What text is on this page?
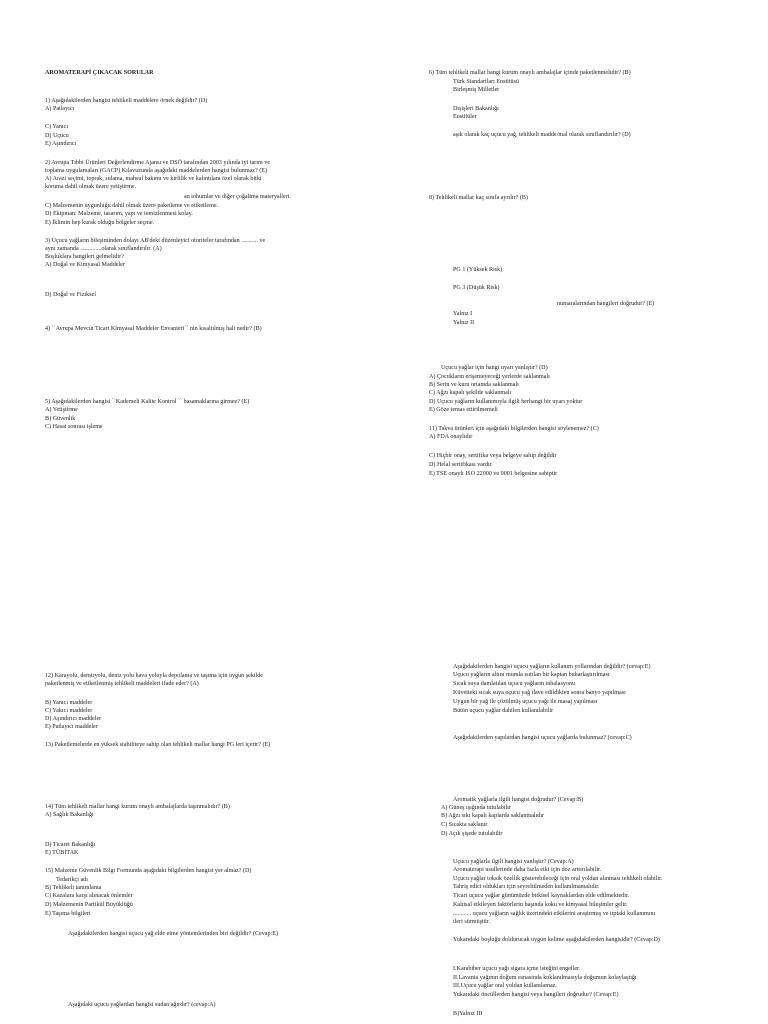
AROMATERAPİ ÇIKACAK SORULAR
1) Aşağıdakilerden hangisi tehlikeli maddelere örnek değildir? (D)
A) Patlayıcı
C) Yanıcı
D) Uçucu
E) Aşındırıcı
2) Avrupa Tıbbi Ürünleri Değerlendirme Ajansı ve DSÖ tarafından 2003 yılında iyi tarım ve
toplama uygulamaları (GACP) Kılavuzunda aşağıdaki maddelerden hangisi bulunmaz? (E)
A) Arazi seçimi, toprak, sulama, mahsul bakımı ve kirlilik ve kalıntılara özel olarak bitki
koruma dahil olmak üzere yetiştirme.
an tohumlar ve diğer çoğaltma materyalleri.
C) Malzemenin uygunluğu dahil olmak üzere paketleme ve etiketleme.
D) Ekipman: Malzeme, tasarım, yapı ve temizlenmesi kolay.
E) İklimin hep kurak olduğu bölgeler seçme.
3) Uçucu yağların bileşiminden dolayı AB'deki düzenleyici otoriteler tarafından ........... ve
aynı zamanda ..............olarak sınıflandırılır. (A)
Boşluklara hangileri gelmelidir?
A) Doğal ve Kimyasal Maddeler
D) Doğal ve Fiziksel
4) ``Avrupa Mevcut Ticari Kimyasal Maddeler Envanteri`` nin kısaltılmış hali nedir? (B)
5) Aşağıdakilerden hangisi ``Kademeli Kalite Kontrol `` basamaklarına girmez? (E)
A) Yetiştirme
B) Güvenlik
C) Hasat sonrası işleme
12) Karayolu, demiryolu, deniz yolu hava yoluyla depolama ve taşıma için uygun şekilde
paketlenmiş ve etiketlenmiş tehlikeli maddeleri ifade eder? (A)
B) Yanıcı maddeler
C) Yakıcı maddeler
D) Aşındırıcı maddeler
E) Patlayıcı maddeler
13) Paketlemelerde en yüksek stabiliteye sahip olan tehlikeli mallar hangi PG leri içerir? (E)
14) Tüm tehlikeli mallar hangi kurum onaylı ambalajlarda taşınmalıdır? (B)
A) Sağlık Bakanlığı
D) Ticaret Bakanlığı
E) TÜBİTAK
15) Malzeme Güvenlik Bilgi Formunda aşağıdaki bilgilerden hangisi yer almaz? (D)
Tedarikçi adı
B) Tehlikeli tanımlama
C) Kazalara karşı alınacak önlemler
D) Malzemenin Partikül Büyüklüğü
E) Taşıma bilgileri
Aşağıdakilerden hangisi uçucu yağ elde etme yöntemlerinden biri değildir? (Cevap:E)
Aşağıdaki uçucu yağlardan hangisi sudan ağırdır? (cevap:A)
6) Tüm tehlikeli mallar hangi kurum onaylı ambalajlar içinde paketlenmelidir? (B)
Türk Standartları Enstitüsü
Birleşmiş Milletler
Dışişleri Bakanlığı
Enstitüler
aşık olarak kaç uçucu yağ, tehlikeli madde/mal olarak sınıflandırılır? (D)
8) Tehlikeli mallar kaç sınıfa ayrılır? (B)
PG 1 (Yüksek Risk)
PG 3 (Düşük Risk)
numaralarından hangileri doğrudur? (E)
Yalnız I
Yalnız II
Uçucu yağlar için hangi uyarı yanlıştır? (D)
A) Çocukların erişemeyeceği yerlerde saklanmalı
B) Serin ve kuru ortamda saklanmalı
C) Ağzı kapalı şekilde saklanmalı
D) Uçucu yağların kullanımıyla ilgili herhangi bir uyarı yoktur
E) Göze temas ettirilmemeli
11) Takva ürünleri için aşağıdaki bilgilerden hangisi söylenemez? (C)
A) FDA onaylıdır
C) Hiçbir onay, sertifika veya belgeye sahip değildir
D) Helal sertifikası vardır
E) TSE onaylı ISO 22000 ve 9001 belgesine sahiptir
Aşağıdakilerden hangisi uçucu yağların kullanım yollarından değildir? (cevap:E)
Uçucu yağların altını mumla ısıtılan bir kaptan buharlaştırılması
Sıcak suya damlatılan uçucu yağların inhalasyonu
Küvetteki sıcak suya uçucu yağ ilave edildikten sonra banyo yapılması
Uygun bir yağ ile çözülmüş uçucu yağı ile masaj yapılması
Bütün uçucu yağlar dahilen kullanılabilir
Aşağıdakilerden yapılardan hangisi uçucu yağlarda bulunmaz? (cevap:C)
Aromatik yağlarla ilgili hangisi doğrudur? (Cevap:B)
A) Güneş ışığında tutulabilir
B) Ağzı sıkı kapalı kaplarda saklanmalıdır
C) Sıcakta saklanır
D) Açık şişede tutulabilir
Uçucu yağlarla ilgili hangisi yanlıştır? (Cevap:A)
Aromaterapi usullerinde daha fazla etki için doz arttırılabilir.
Uçucu yağlar toksik özellik gösterebileceği için oral yoldan alınması tehlikeli olabilir.
Tahriş edici oldukları için seyreltilmeden kullanılmamalıdır.
Ticari uçucu yağlar günümüzde bitkisel kaynaklardan elde edilmektedir.
Kalıtsal etkileyen faktörlerin başında koku ve kimyasal bileşimler gelir.
............ uçucu yağların sağlık üzerindeki etkilerini araştırmış ve tıptaki kullanımını
ileri sürmüştür.
Yukarıdaki boşluğu doldurucak uygun kelime aşağıdakilerden hangisidir? (Cevap:D)
I.Karabiber uçucu yağı sigara içme isteğini engeller.
II.Lavanta yağının doğum esnasında koklanılmasıyla doğumun kolaylaştığı
III.Uçucu yağlar oral yoldan kullanılamaz.
Yukarıdaki öncüllerden hangisi veya hangileri doğrudur? (Cevap:E)
B)Yalnız III
